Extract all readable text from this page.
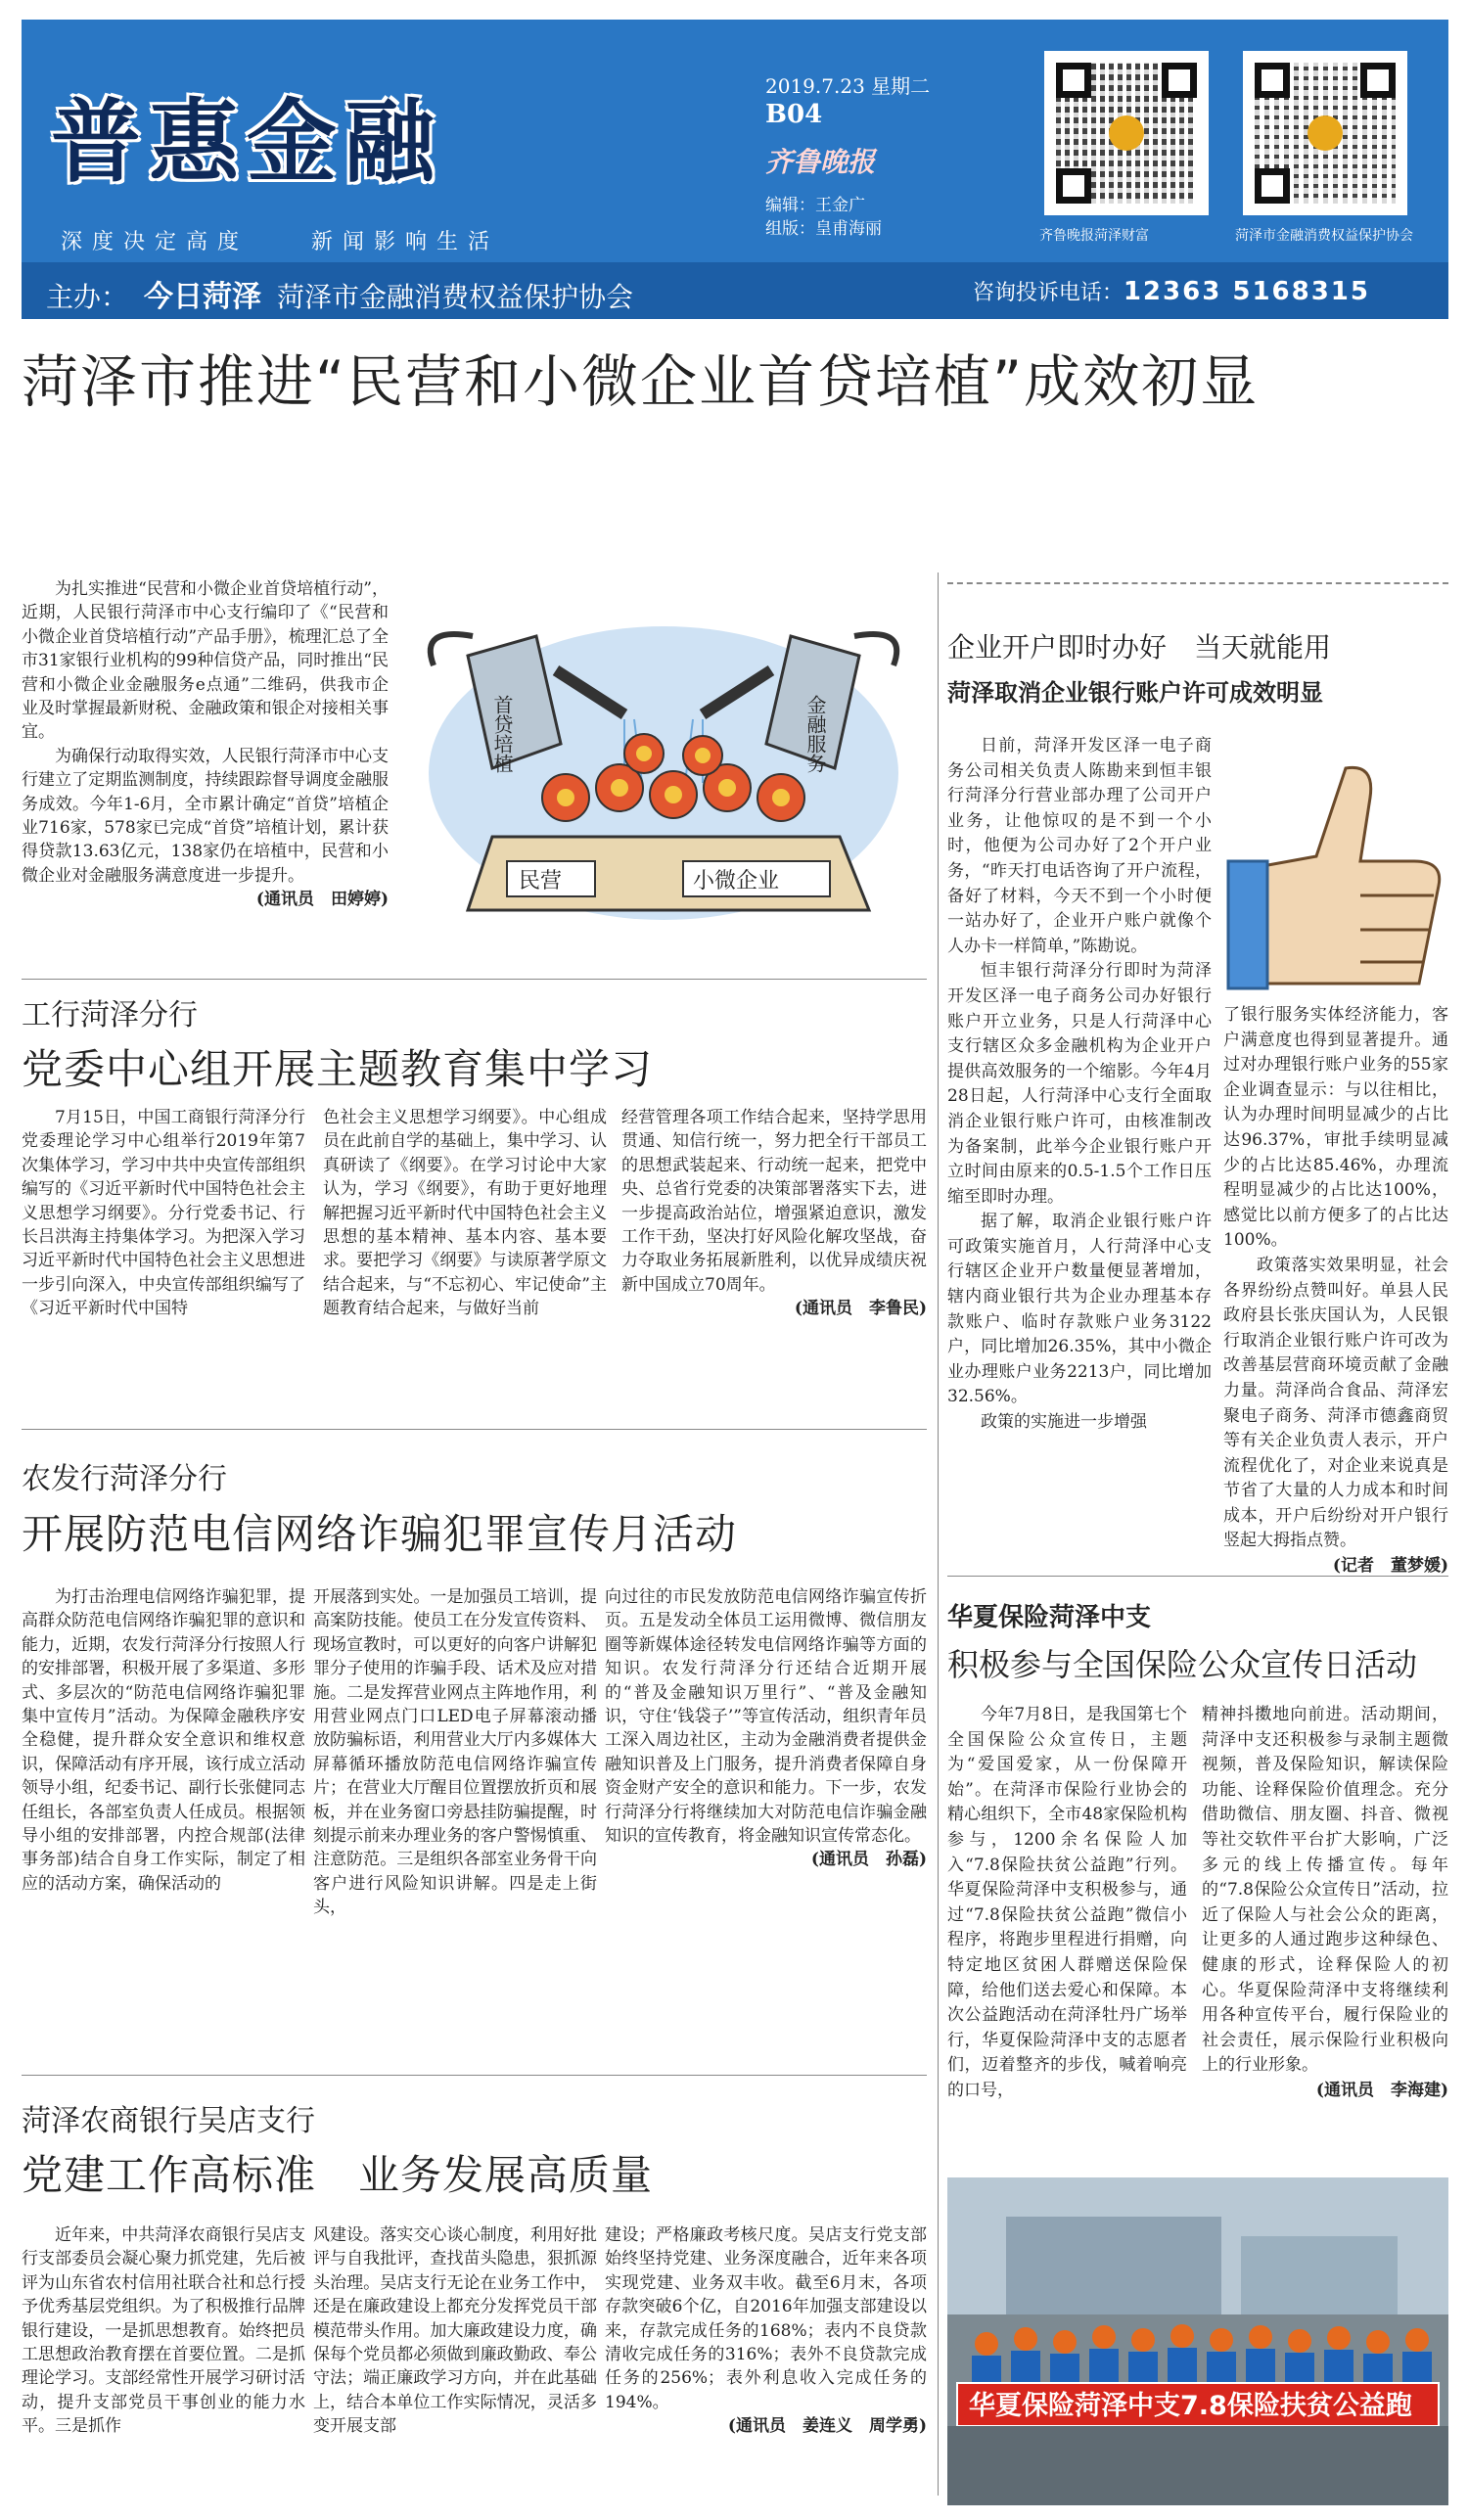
普惠金融
深度决定高度　　新闻影响生活
2019.7.23 星期二
B04
齐鲁晚报
编辑：王金广
组版：皇甫海丽	齐鲁晚报菏泽财富	菏泽市金融消费权益保护协会
主办： 今日菏泽 菏泽市金融消费权益保护协会	咨询投诉电话：12363 5168315
菏泽市推进“民营和小微企业首贷培植”成效初显

为扎实推进“民营和小微企业首贷培植行动”，近期，人民银行菏泽市中心支行编印了《“民营和小微企业首贷培植行动”产品手册》，梳理汇总了全市31家银行业机构的99种信贷产品，同时推出“民营和小微企业金融服务e点通”二维码，供我市企业及时掌握最新财税、金融政策和银企对接相关事宜。

为确保行动取得实效，人民银行菏泽市中心支行建立了定期监测制度，持续跟踪督导调度金融服务成效。今年1-6月，全市累计确定“首贷”培植企业716家，578家已完成“首贷”培植计划，累计获得贷款13.63亿元，138家仍在培植中，民营和小微企业对金融服务满意度进一步提升。

(通讯员　田婷婷)
首贷培植	金融服务
民营	小微企业
工行菏泽分行
党委中心组开展主题教育集中学习

7月15日，中国工商银行菏泽分行党委理论学习中心组举行2019年第7次集体学习，学习中共中央宣传部组织编写的《习近平新时代中国特色社会主义思想学习纲要》。分行党委书记、行长吕洪海主持集体学习。为把深入学习习近平新时代中国特色社会主义思想进一步引向深入，中央宣传部组织编写了《习近平新时代中国特

色社会主义思想学习纲要》。中心组成员在此前自学的基础上，集中学习、认真研读了《纲要》。在学习讨论中大家认为，学习《纲要》，有助于更好地理解把握习近平新时代中国特色社会主义思想的基本精神、基本内容、基本要求。要把学习《纲要》与读原著学原文结合起来，与“不忘初心、牢记使命”主题教育结合起来，与做好当前

经营管理各项工作结合起来，坚持学思用贯通、知信行统一，努力把全行干部员工的思想武装起来、行动统一起来，把党中央、总省行党委的决策部署落实下去，进一步提高政治站位，增强紧迫意识，激发工作干劲，坚决打好风险化解攻坚战，奋力夺取业务拓展新胜利，以优异成绩庆祝新中国成立70周年。

(通讯员　李鲁民)
农发行菏泽分行
开展防范电信网络诈骗犯罪宣传月活动

为打击治理电信网络诈骗犯罪，提高群众防范电信网络诈骗犯罪的意识和能力，近期，农发行菏泽分行按照人行的安排部署，积极开展了多渠道、多形式、多层次的“防范电信网络诈骗犯罪集中宣传月”活动。为保障金融秩序安全稳健，提升群众安全意识和维权意识，保障活动有序开展，该行成立活动领导小组，纪委书记、副行长张健同志任组长，各部室负责人任成员。根据领导小组的安排部署，内控合规部(法律事务部)结合自身工作实际，制定了相应的活动方案，确保活动的

开展落到实处。一是加强员工培训，提高案防技能。使员工在分发宣传资料、现场宣教时，可以更好的向客户讲解犯罪分子使用的诈骗手段、话术及应对措施。二是发挥营业网点主阵地作用，利用营业网点门口LED电子屏幕滚动播放防骗标语，利用营业大厅内多媒体大屏幕循环播放防范电信网络诈骗宣传片；在营业大厅醒目位置摆放折页和展板，并在业务窗口旁悬挂防骗提醒，时刻提示前来办理业务的客户警惕慎重、注意防范。三是组织各部室业务骨干向客户进行风险知识讲解。四是走上街头，

向过往的市民发放防范电信网络诈骗宣传折页。五是发动全体员工运用微博、微信朋友圈等新媒体途径转发电信网络诈骗等方面的知识。农发行菏泽分行还结合近期开展的“普及金融知识万里行”、“普及金融知识，守住‘钱袋子’”等宣传活动，组织青年员工深入周边社区，主动为金融消费者提供金融知识普及上门服务，提升消费者保障自身资金财产安全的意识和能力。下一步，农发行菏泽分行将继续加大对防范电信诈骗金融知识的宣传教育，将金融知识宣传常态化。

(通讯员　孙磊)
菏泽农商银行吴店支行
党建工作高标准　业务发展高质量

近年来，中共菏泽农商银行吴店支行支部委员会凝心聚力抓党建，先后被评为山东省农村信用社联合社和总行授予优秀基层党组织。为了积极推行品牌银行建设，一是抓思想教育。始终把员工思想政治教育摆在首要位置。二是抓理论学习。支部经常性开展学习研讨活动，提升支部党员干事创业的能力水平。三是抓作

风建设。落实交心谈心制度，利用好批评与自我批评，查找苗头隐患，狠抓源头治理。吴店支行无论在业务工作中，还是在廉政建设上都充分发挥党员干部模范带头作用。加大廉政建设力度，确保每个党员都必须做到廉政勤政、奉公守法；端正廉政学习方向，并在此基础上，结合本单位工作实际情况，灵活多变开展支部

建设；严格廉政考核尺度。吴店支行党支部始终坚持党建、业务深度融合，近年来各项实现党建、业务双丰收。截至6月末，各项存款突破6个亿，自2016年加强支部建设以来，存款完成任务的168%；表内不良贷款清收完成任务的316%；表外不良贷款完成任务的256%；表外利息收入完成任务的194%。

(通讯员　姜连义　周学勇)
企业开户即时办好　当天就能用
菏泽取消企业银行账户许可成效明显

日前，菏泽开发区泽一电子商务公司相关负责人陈勘来到恒丰银行菏泽分行营业部办理了公司开户业务，让他惊叹的是不到一个小时，他便为公司办好了2个开户业务，“昨天打电话咨询了开户流程，备好了材料，今天不到一个小时便一站办好了，企业开户账户就像个人办卡一样简单，”陈勘说。

恒丰银行菏泽分行即时为菏泽开发区泽一电子商务公司办好银行账户开立业务，只是人行菏泽中心支行辖区众多金融机构为企业开户提供高效服务的一个缩影。今年4月28日起，人行菏泽中心支行全面取消企业银行账户许可，由核准制改为备案制，此举今企业银行账户开立时间由原来的0.5-1.5个工作日压缩至即时办理。

据了解，取消企业银行账户许可政策实施首月，人行菏泽中心支行辖区企业开户数量便显著增加，辖内商业银行共为企业办理基本存款账户、临时存款账户业务3122户，同比增加26.35%，其中小微企业办理账户业务2213户，同比增加32.56%。

政策的实施进一步增强

了银行服务实体经济能力，客户满意度也得到显著提升。通过对办理银行账户业务的55家企业调查显示：与以往相比，认为办理时间明显减少的占比达96.37%，审批手续明显减少的占比达85.46%，办理流程明显减少的占比达100%，感觉比以前方便多了的占比达100%。

政策落实效果明显，社会各界纷纷点赞叫好。单县人民政府县长张庆国认为，人民银行取消企业银行账户许可改为改善基层营商环境贡献了金融力量。菏泽尚合食品、菏泽宏聚电子商务、菏泽市德鑫商贸等有关企业负责人表示，开户流程优化了，对企业来说真是节省了大量的人力成本和时间成本，开户后纷纷对开户银行竖起大拇指点赞。

(记者　董梦媛)
华夏保险菏泽中支
积极参与全国保险公众宣传日活动

今年7月8日，是我国第七个全国保险公众宣传日，主题为“爱国爱家，从一份保障开始”。在菏泽市保险行业协会的精心组织下，全市48家保险机构参与，1200余名保险人加入“7.8保险扶贫公益跑”行列。华夏保险菏泽中支积极参与，通过“7.8保险扶贫公益跑”微信小程序，将跑步里程进行捐赠，向特定地区贫困人群赠送保险保障，给他们送去爱心和保障。本次公益跑活动在菏泽牡丹广场举行，华夏保险菏泽中支的志愿者们，迈着整齐的步伐，喊着响亮的口号，

精神抖擞地向前进。活动期间，菏泽中支还积极参与录制主题微视频，普及保险知识，解读保险功能、诠释保险价值理念。充分借助微信、朋友圈、抖音、微视等社交软件平台扩大影响，广泛多元的线上传播宣传。每年的“7.8保险公众宣传日”活动，拉近了保险人与社会公众的距离，让更多的人通过跑步这种绿色、健康的形式，诠释保险人的初心。华夏保险菏泽中支将继续利用各种宣传平台，履行保险业的社会责任，展示保险行业积极向上的行业形象。

(通讯员　李海建)
华夏保险菏泽中支7.8保险扶贫公益跑
